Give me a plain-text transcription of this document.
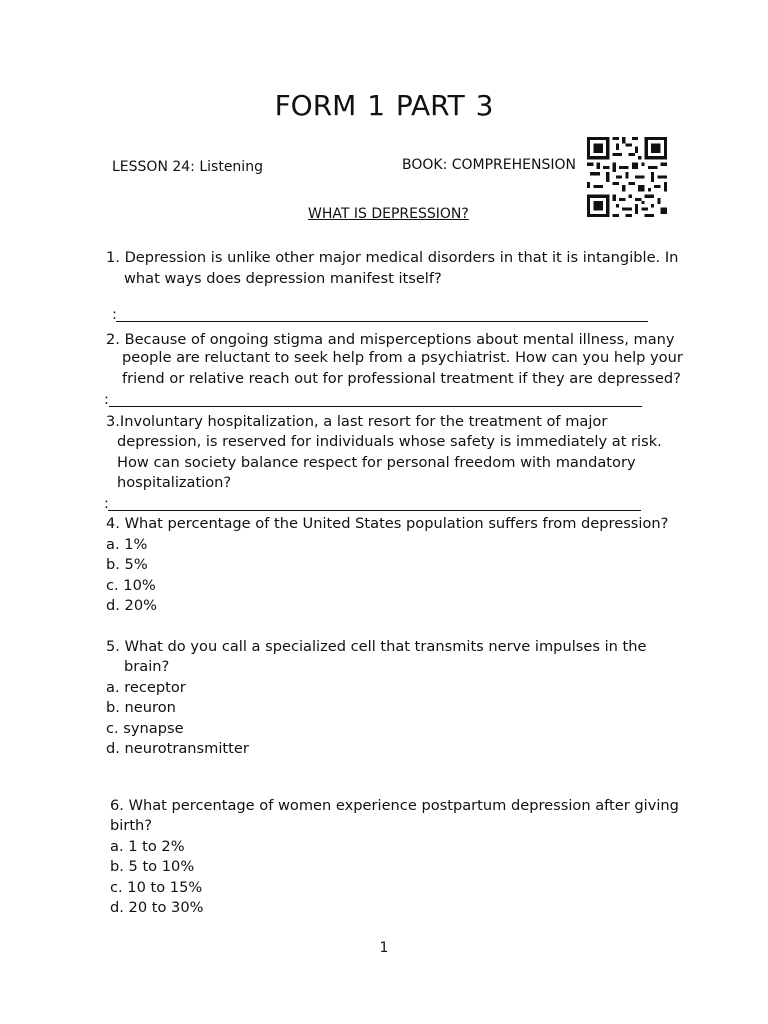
FORM 1 PART 3
LESSON 24: Listening	BOOK: COMPREHENSION
WHAT IS DEPRESSION?
1. Depression is unlike other major medical disorders in that it is intangible. In
what ways does depression manifest itself?
:
2. Because of ongoing stigma and misperceptions about mental illness, many
people are reluctant to seek help from a psychiatrist. How can you help your
friend or relative reach out for professional treatment if they are depressed?
:
3.Involuntary hospitalization, a last resort for the treatment of major
depression, is reserved for individuals whose safety is immediately at risk.
How can society balance respect for personal freedom with mandatory
hospitalization?
:
4. What percentage of the United States population suffers from depression?
a. 1%
b. 5%
c. 10%
d. 20%
5. What do you call a specialized cell that transmits nerve impulses in the
brain?
a. receptor
b. neuron
c. synapse
d. neurotransmitter
6. What percentage of women experience postpartum depression after giving
birth?
a. 1 to 2%
b. 5 to 10%
c. 10 to 15%
d. 20 to 30%
1
